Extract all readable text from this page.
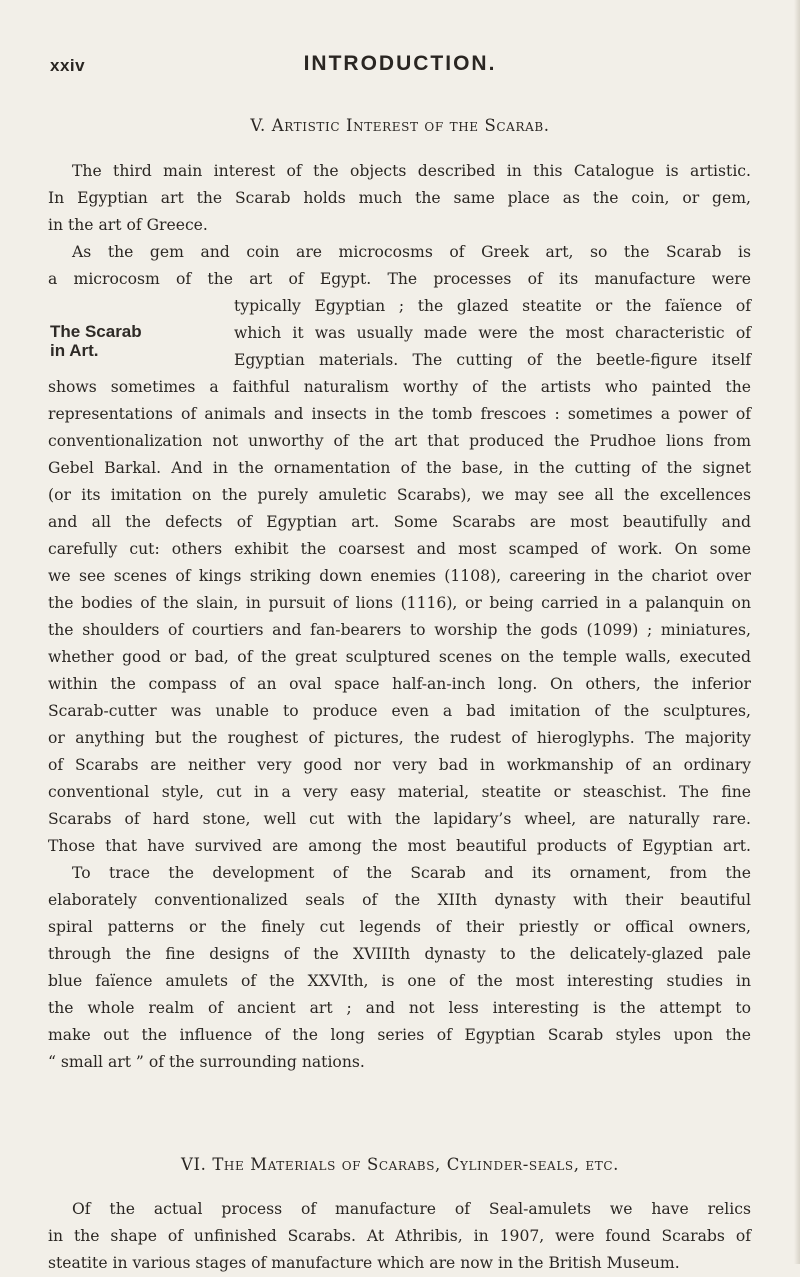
xxiv	INTRODUCTION.
V. Artistic Interest of the Scarab.
The third main interest of the objects described in this Catalogue is artistic.
In Egyptian art the Scarab holds much the same place as the coin, or gem,
in the art of Greece.
As the gem and coin are microcosms of Greek art, so the Scarab is
a microcosm of the art of Egypt. The processes of its manufacture were
The Scarab
in Art.
typically Egyptian ; the glazed steatite or the faïence of
which it was usually made were the most characteristic of
Egyptian materials. The cutting of the beetle-figure itself
shows sometimes a faithful naturalism worthy of the artists who painted the
representations of animals and insects in the tomb frescoes : sometimes a power of
conventionalization not unworthy of the art that produced the Prudhoe lions from
Gebel Barkal. And in the ornamentation of the base, in the cutting of the signet
(or its imitation on the purely amuletic Scarabs), we may see all the excellences
and all the defects of Egyptian art. Some Scarabs are most beautifully and
carefully cut: others exhibit the coarsest and most scamped of work. On some
we see scenes of kings striking down enemies (1108), careering in the chariot over
the bodies of the slain, in pursuit of lions (1116), or being carried in a palanquin on
the shoulders of courtiers and fan-bearers to worship the gods (1099) ; miniatures,
whether good or bad, of the great sculptured scenes on the temple walls, executed
within the compass of an oval space half-an-inch long. On others, the inferior
Scarab-cutter was unable to produce even a bad imitation of the sculptures,
or anything but the roughest of pictures, the rudest of hieroglyphs. The majority
of Scarabs are neither very good nor very bad in workmanship of an ordinary
conventional style, cut in a very easy material, steatite or steaschist. The fine
Scarabs of hard stone, well cut with the lapidary’s wheel, are naturally rare.
Those that have survived are among the most beautiful products of Egyptian art.
To trace the development of the Scarab and its ornament, from the
elaborately conventionalized seals of the XIIth dynasty with their beautiful
spiral patterns or the finely cut legends of their priestly or offical owners,
through the fine designs of the XVIIIth dynasty to the delicately-glazed pale
blue faïence amulets of the XXVIth, is one of the most interesting studies in
the whole realm of ancient art ; and not less interesting is the attempt to
make out the influence of the long series of Egyptian Scarab styles upon the
“ small art ” of the surrounding nations.
VI. The Materials of Scarabs, Cylinder-seals, etc.
Of the actual process of manufacture of Seal-amulets we have relics
in the shape of unfinished Scarabs. At Athribis, in 1907, were found Scarabs of
steatite in various stages of manufacture which are now in the British Museum.
